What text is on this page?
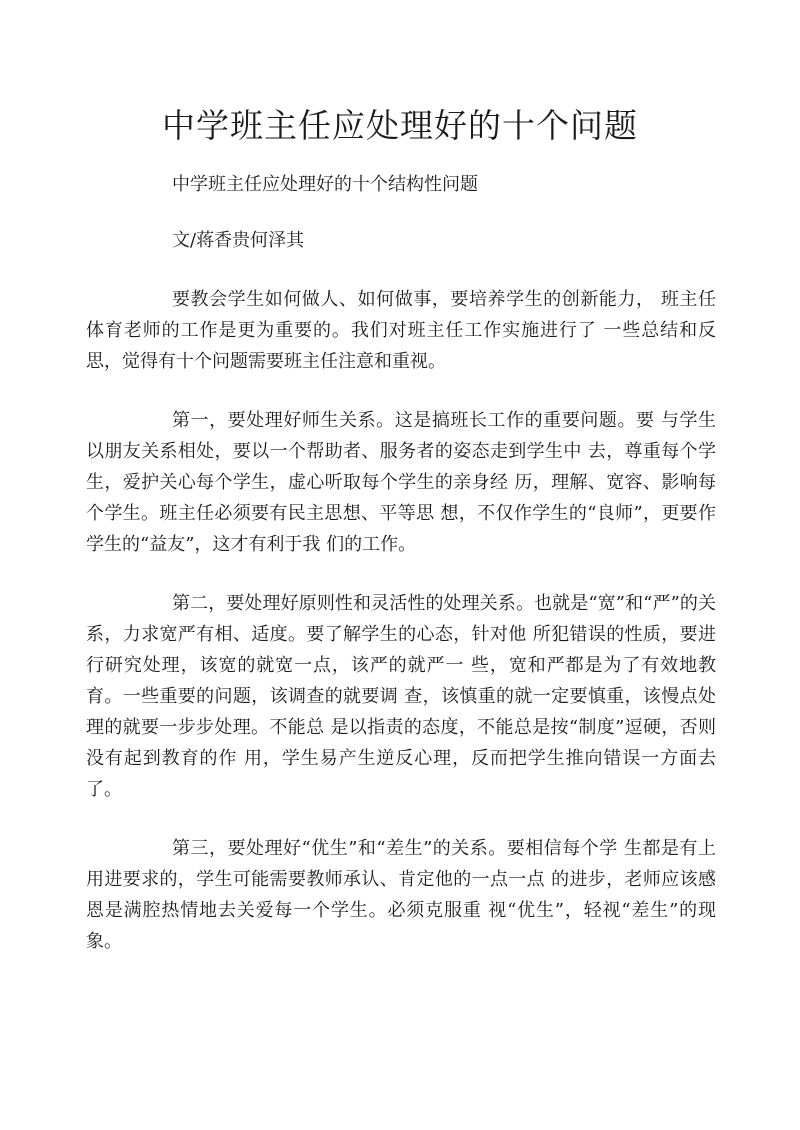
中学班主任应处理好的十个问题

中学班主任应处理好的十个结构性问题

文/蒋香贵何泽其

要教会学生如何做人、如何做事，要培养学生的创新能力， 班主任体育老师的工作是更为重要的。我们对班主任工作实施进行了 一些总结和反思，觉得有十个问题需要班主任注意和重视。

第一，要处理好师生关系。这是搞班长工作的重要问题。要 与学生以朋友关系相处，要以一个帮助者、服务者的姿态走到学生中 去，尊重每个学生，爱护关心每个学生，虚心听取每个学生的亲身经 历，理解、宽容、影响每个学生。班主任必须要有民主思想、平等思 想，不仅作学生的“良师”，更要作学生的“益友”，这才有利于我 们的工作。

第二，要处理好原则性和灵活性的处理关系。也就是“宽”和“严”的关系，力求宽严有相、适度。要了解学生的心态，针对他 所犯错误的性质，要进行研究处理，该宽的就宽一点，该严的就严一 些，宽和严都是为了有效地教育。一些重要的问题，该调查的就要调 查，该慎重的就一定要慎重，该慢点处理的就要一步步处理。不能总 是以指责的态度，不能总是按“制度”逗硬，否则没有起到教育的作 用，学生易产生逆反心理，反而把学生推向错误一方面去了。

第三，要处理好“优生”和“差生”的关系。要相信每个学 生都是有上用进要求的，学生可能需要教师承认、肯定他的一点一点 的进步，老师应该感恩是满腔热情地去关爱每一个学生。必须克服重 视“优生”，轻视“差生”的现象。
